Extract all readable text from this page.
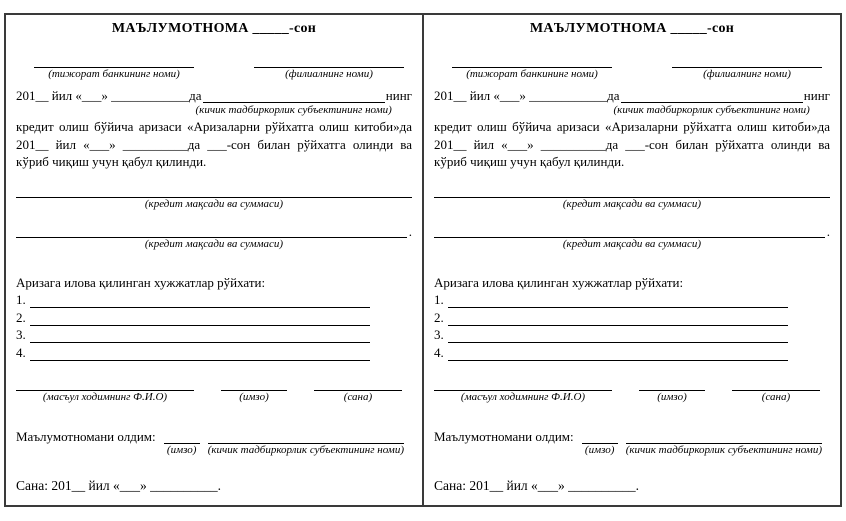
МАЪЛУМОТНОМА _____-сон
(тижорат банкининг номи)	(филиалнинг номи)
201__ йил «___» ____________да
(кичик тадбиркорлик субъектининг номи)
нинг

кредит олиш бўйича аризаси «Аризаларни рўйхатга олиш китоби»да 201__ йил «___» __________да ___-сон билан рўйхатга олинди ва кўриб чиқиш учун қабул қилинди.

(кредит мақсади ва суммаси)
.
(кредит мақсади ва суммаси)
Аризага илова қилинган хужжатлар рўйхати:
1.
2.
3.
4.
(масъул ходимнинг Ф.И.О)	(имзо)	(сана)
Маълумотномани олдим:
(имзо) (кичик тадбиркорлик субъектининг номи)
Сана: 201__ йил «___» __________.
МАЪЛУМОТНОМА _____-сон
(тижорат банкининг номи)	(филиалнинг номи)
201__ йил «___» ____________да
(кичик тадбиркорлик субъектининг номи)
нинг

кредит олиш бўйича аризаси «Аризаларни рўйхатга олиш китоби»да 201__ йил «___» __________да ___-сон билан рўйхатга олинди ва кўриб чиқиш учун қабул қилинди.

(кредит мақсади ва суммаси)
.
(кредит мақсади ва суммаси)
Аризага илова қилинган хужжатлар рўйхати:
1.
2.
3.
4.
(масъул ходимнинг Ф.И.О)	(имзо)	(сана)
Маълумотномани олдим:
(имзо) (кичик тадбиркорлик субъектининг номи)
Сана: 201__ йил «___» __________.
